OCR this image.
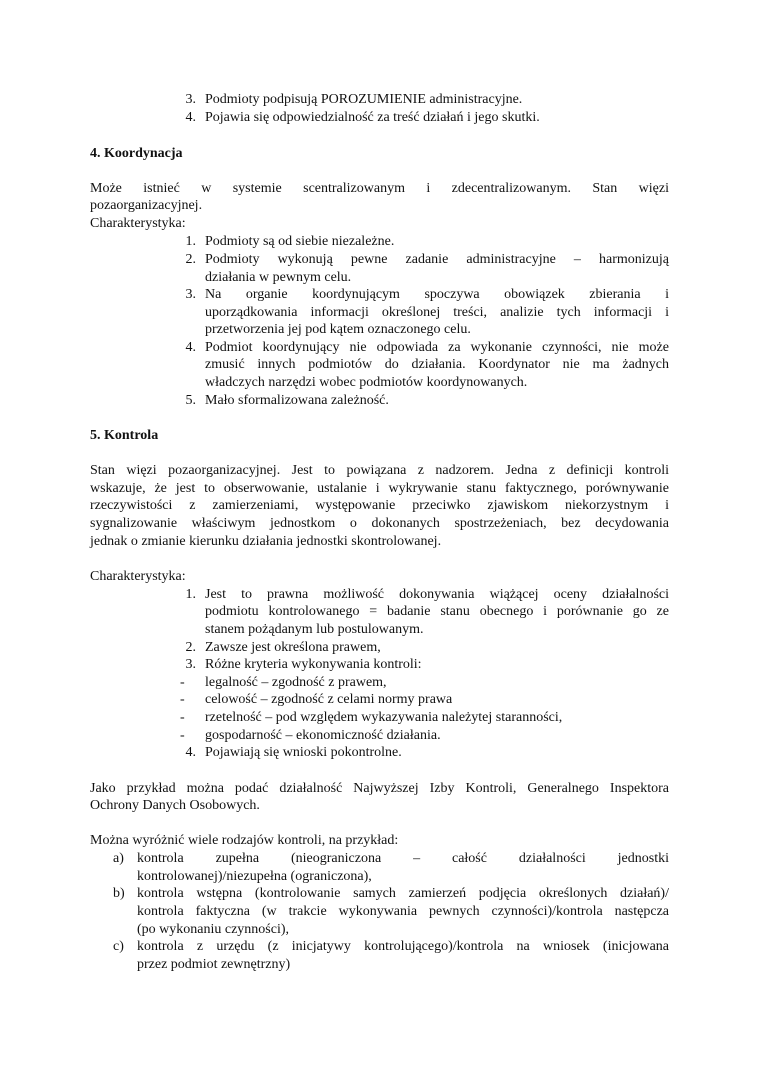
3. Podmioty podpisują POROZUMIENIE administracyjne.
4. Pojawia się odpowiedzialność za treść działań i jego skutki.
4. Koordynacja
Może istnieć w systemie scentralizowanym i zdecentralizowanym. Stan więzi
pozaorganizacyjnej.
Charakterystyka:
1. Podmioty są od siebie niezależne.
2. Podmioty wykonują pewne zadanie administracyjne – harmonizują
działania w pewnym celu.
3. Na organie koordynującym spoczywa obowiązek zbierania i
uporządkowania informacji określonej treści, analizie tych informacji i
przetworzenia jej pod kątem oznaczonego celu.
4. Podmiot koordynujący nie odpowiada za wykonanie czynności, nie może
zmusić innych podmiotów do działania. Koordynator nie ma żadnych
władczych narzędzi wobec podmiotów koordynowanych.
5. Mało sformalizowana zależność.
5. Kontrola
Stan więzi pozaorganizacyjnej. Jest to powiązana z nadzorem. Jedna z definicji kontroli
wskazuje, że jest to obserwowanie, ustalanie i wykrywanie stanu faktycznego, porównywanie
rzeczywistości z zamierzeniami, występowanie przeciwko zjawiskom niekorzystnym i
sygnalizowanie właściwym jednostkom o dokonanych spostrzeżeniach, bez decydowania
jednak o zmianie kierunku działania jednostki skontrolowanej.
Charakterystyka:
1. Jest to prawna możliwość dokonywania wiążącej oceny działalności
podmiotu kontrolowanego = badanie stanu obecnego i porównanie go ze
stanem pożądanym lub postulowanym.
2. Zawsze jest określona prawem,
3. Różne kryteria wykonywania kontroli:
- legalność – zgodność z prawem,
- celowość – zgodność z celami normy prawa
- rzetelność – pod względem wykazywania należytej staranności,
- gospodarność – ekonomiczność działania.
4. Pojawiają się wnioski pokontrolne.
Jako przykład można podać działalność Najwyższej Izby Kontroli, Generalnego Inspektora
Ochrony Danych Osobowych.
Można wyróżnić wiele rodzajów kontroli, na przykład:
a) kontrola zupełna (nieograniczona – całość działalności jednostki
kontrolowanej)/niezupełna (ograniczona),
b) kontrola wstępna (kontrolowanie samych zamierzeń podjęcia określonych działań)/
kontrola faktyczna (w trakcie wykonywania pewnych czynności)/kontrola następcza
(po wykonaniu czynności),
c) kontrola z urzędu (z inicjatywy kontrolującego)/kontrola na wniosek (inicjowana
przez podmiot zewnętrzny)
